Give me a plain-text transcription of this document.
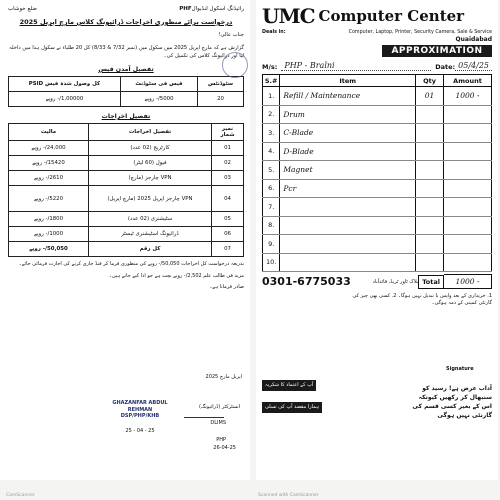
رائیڈنگ اسکول لنڈیوال
PHF
ضلع خوشاب
درخواست برائے منظوری اخراجات ڈرائیونگ کلاس مارچ اپریل 2025
جناب عالی!
گزارش ہے کہ مارچ اپریل 2025 میں سکول میں (نمبر 7/32 & 8/33) کل 20 طلباء نے سکول ہذا میں داخلہ لیا اور درائیونگ کلاس کی تکمیل کی۔
تفصیل آمدن فیس
سٹوڈنٹس	فیس فی سٹوڈنٹ	کل وصول شدہ فیس PSID
20	5000/- روپے	1,00000/- روپے
تفصیل اخراجات
نمبر شمار	تفصیل اخراجات	مالیت
01	کارٹریج (02 عدد)	24,000/- روپے
02	فیول (60 لیٹر)	15420/- روپے
03	VPN چارجز (مارچ)	2610/- روپے
04	VPN چارجز اپریل 2025 (مارچ اپریل)	5220/- روپے
05	سٹیشنری (02 عدد)	1800/- روپے
06	ڈرائیونگ اسٹیشنری ٹیسٹر	1000/- روپے
07	کل رقم	50,050/- روپے
بذریعہ درخواست کل اخراجات 50,050/- روپے کی منظوری فرما کر فنڈ جاری کرنے کی اجازت فرمائی جائے۔
مزید فی طالب علم 2,502/- روپے بچت ہے جو ادا کیے جاتے ہیں۔
صادر فرمانا ہے۔
اپریل مارچ 2025
انسٹرکٹر (ڈرائیونگ)
DLIMS
PHP
26-04-25
GHAZANFAR ABDUL REHMAN
DSP/PHP/KHB
25 - 04 - 25
UMC Computer Center
Deals in:	Computer, Laptop, Printer, Security Camera, Sale & Service
Quaidabad
APPROXIMATION
M/s: PHP - Bralni	Date: 05/4/25
S.#	Item	Qty	Amount
1.	Refill / Maintenance	01	1000 -
2.	Drum		
3.	C-Blade		
4.	D-Blade		
5.	Magnet		
6.	Pcr		
7.			
8.			
9.			
10.			
0301-6775033	بلاک ٹاور ٹریڈ، قائدآباد Total	1000 -
1. خریداری کے بعد واپس یا تبدیل نہیں ہوگا۔ 2. کسی بھی چیز کی گارنٹی کمپنی کے ذمہ ہوگی۔
آپ کے اعتماد کا شکریہ
ہمارا مقصد آپ کی تسلی
Signature
آداب عرض ہے! رسید کو سنبھال کر رکھیں کیونکہ اس کے بغیر کسی قسم کی گارنٹی نہیں ہوگی
CamScanner	Scanned with CamScanner
